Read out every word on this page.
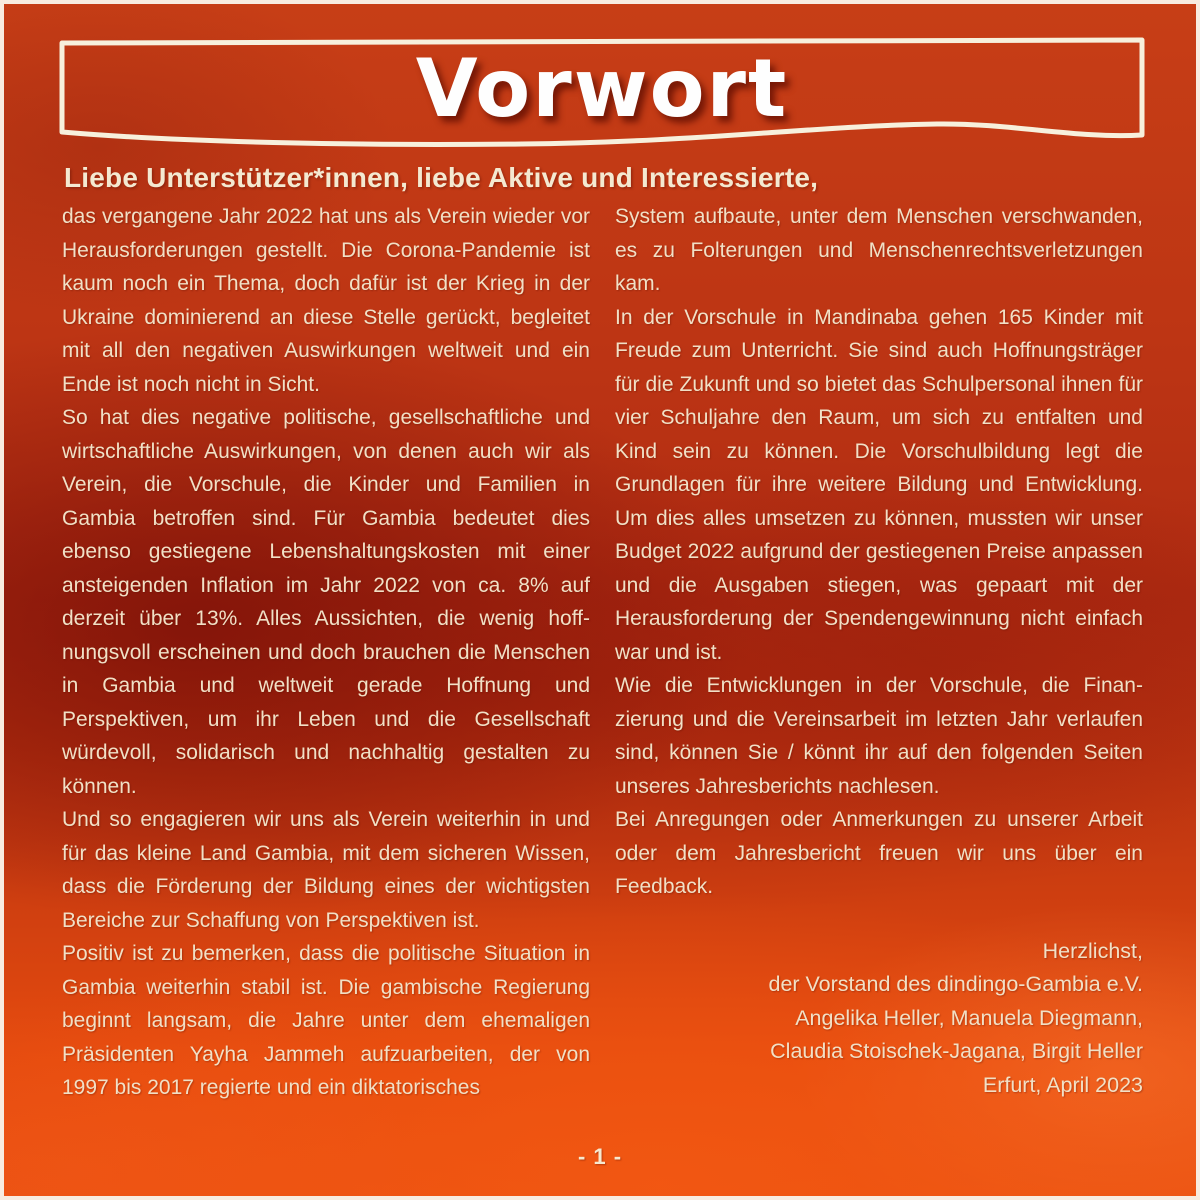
Vorwort
Liebe Unterstützer*innen, liebe Aktive und Interessierte,

das vergangene Jahr 2022 hat uns als Verein wieder vor Herausforderungen gestellt. Die Corona-Pandemie ist kaum noch ein Thema, doch dafür ist der Krieg in der Ukraine dominierend an diese Stelle gerückt, begleitet mit all den negativen Auswirkungen weltweit und ein Ende ist noch nicht in Sicht.

So hat dies negative politische, gesellschaftliche und wirtschaftliche Auswirkungen, von denen auch wir als Verein, die Vorschule, die Kinder und Familien in Gambia betroffen sind. Für Gambia bedeutet dies ebenso gestiegene Lebenshaltungskosten mit einer ansteigenden Inflation im Jahr 2022 von ca. 8% auf derzeit über 13%. Alles Aussichten, die wenig hoffnungsvoll erscheinen und doch brauchen die Menschen in Gambia und weltweit gerade Hoffnung und Perspektiven, um ihr Leben und die Gesellschaft würdevoll, solidarisch und nachhaltig gestalten zu können.

Und so engagieren wir uns als Verein weiterhin in und für das kleine Land Gambia, mit dem sicheren Wissen, dass die Förderung der Bildung eines der wichtigsten Bereiche zur Schaffung von Perspektiven ist.

Positiv ist zu bemerken, dass die politische Situation in Gambia weiterhin stabil ist. Die gambische Regierung beginnt langsam, die Jahre unter dem ehemaligen Präsidenten Yayha Jammeh aufzuarbeiten, der von 1997 bis 2017 regierte und ein diktatorisches

System aufbaute, unter dem Menschen verschwanden, es zu Folterungen und Menschenrechtsverletzungen kam.

In der Vorschule in Mandinaba gehen 165 Kinder mit Freude zum Unterricht. Sie sind auch Hoffnungsträger für die Zukunft und so bietet das Schulpersonal ihnen für vier Schuljahre den Raum, um sich zu entfalten und Kind sein zu können. Die Vorschulbildung legt die Grundlagen für ihre weitere Bildung und Entwicklung. Um dies alles umsetzen zu können, mussten wir unser Budget 2022 aufgrund der gestiegenen Preise anpassen und die Ausgaben stiegen, was gepaart mit der Herausforderung der Spendengewinnung nicht einfach war und ist.

Wie die Entwicklungen in der Vorschule, die Finanzierung und die Vereinsarbeit im letzten Jahr verlaufen sind, können Sie / könnt ihr auf den folgenden Seiten unseres Jahresberichts nachlesen.

Bei Anregungen oder Anmerkungen zu unserer Arbeit oder dem Jahresbericht freuen wir uns über ein Feedback.

Herzlichst,
der Vorstand des dindingo-Gambia e.V.
Angelika Heller, Manuela Diegmann,
Claudia Stoischek-Jagana, Birgit Heller
Erfurt, April 2023
- 1 -
